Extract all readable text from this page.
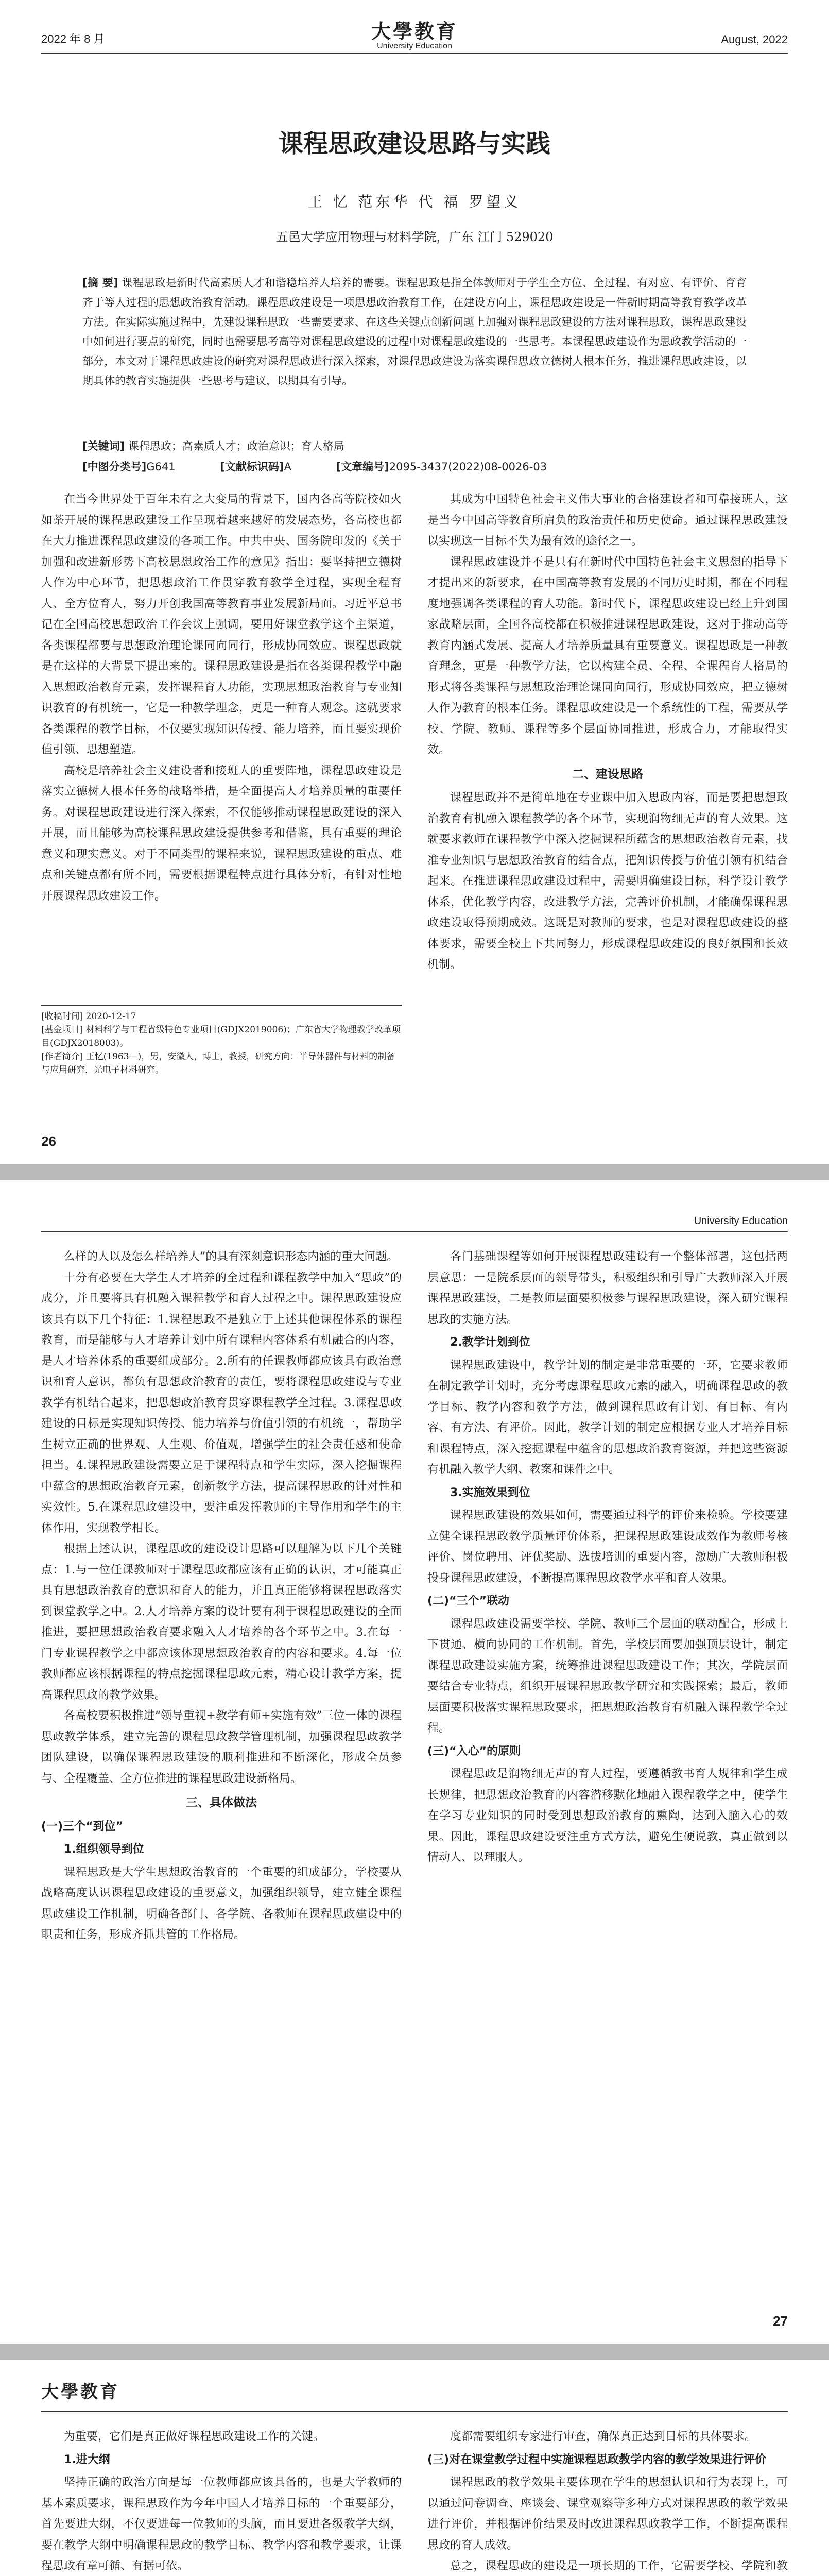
2022 年 8 月	大學教育
University Education
August, 2022
课程思政建设思路与实践
王 忆 范东华 代 福 罗望义
五邑大学应用物理与材料学院，广东 江门 529020
[摘 要] 课程思政是新时代高素质人才和谐稳培养人培养的需要。课程思政是指全体教师对于学生全方位、全过程、有对应、有评价、育育齐于等人过程的思想政治教育活动。课程思政建设是一项思想政治教育工作，在建设方向上，课程思政建设是一件新时期高等教育教学改革方法。在实际实施过程中，先建设课程思政一些需要要求、在这些关键点创新问题上加强对课程思政建设的方法对课程思政，课程思政建设中如何进行要点的研究，同时也需要思考高等对课程思政建设的过程中对课程思政建设的一些思考。本课程思政建设作为思政教学活动的一部分，本文对于课程思政建设的研究对课程思政进行深入探索，对课程思政建设为落实课程思政立德树人根本任务，推进课程思政建设，以期具体的教育实施提供一些思考与建议，以期具有引导。
[关键词] 课程思政；高素质人才；政治意识；育人格局
[中图分类号]G641	[文献标识码]A	[文章编号]2095-3437(2022)08-0026-03

在当今世界处于百年未有之大变局的背景下，国内各高等院校如火如荼开展的课程思政建设工作呈现着越来越好的发展态势，各高校也都在大力推进课程思政建设的各项工作。中共中央、国务院印发的《关于加强和改进新形势下高校思想政治工作的意见》指出：要坚持把立德树人作为中心环节，把思想政治工作贯穿教育教学全过程，实现全程育人、全方位育人，努力开创我国高等教育事业发展新局面。习近平总书记在全国高校思想政治工作会议上强调，要用好课堂教学这个主渠道，各类课程都要与思想政治理论课同向同行，形成协同效应。课程思政就是在这样的大背景下提出来的。课程思政建设是指在各类课程教学中融入思想政治教育元素，发挥课程育人功能，实现思想政治教育与专业知识教育的有机统一，它是一种教学理念，更是一种育人观念。这就要求各类课程的教学目标，不仅要实现知识传授、能力培养，而且要实现价值引领、思想塑造。

高校是培养社会主义建设者和接班人的重要阵地，课程思政建设是落实立德树人根本任务的战略举措，是全面提高人才培养质量的重要任务。对课程思政建设进行深入探索，不仅能够推动课程思政建设的深入开展，而且能够为高校课程思政建设提供参考和借鉴，具有重要的理论意义和现实意义。对于不同类型的课程来说，课程思政建设的重点、难点和关键点都有所不同，需要根据课程特点进行具体分析，有针对性地开展课程思政建设工作。

其成为中国特色社会主义伟大事业的合格建设者和可靠接班人，这是当今中国高等教育所肩负的政治责任和历史使命。通过课程思政建设以实现这一目标不失为最有效的途径之一。

课程思政建设并不是只有在新时代中国特色社会主义思想的指导下才提出来的新要求，在中国高等教育发展的不同历史时期，都在不同程度地强调各类课程的育人功能。新时代下，课程思政建设已经上升到国家战略层面，全国各高校都在积极推进课程思政建设，这对于推动高等教育内涵式发展、提高人才培养质量具有重要意义。课程思政是一种教育理念，更是一种教学方法，它以构建全员、全程、全课程育人格局的形式将各类课程与思想政治理论课同向同行，形成协同效应，把立德树人作为教育的根本任务。课程思政建设是一个系统性的工程，需要从学校、学院、教师、课程等多个层面协同推进，形成合力，才能取得实效。

二、建设思路

课程思政并不是简单地在专业课中加入思政内容，而是要把思想政治教育有机融入课程教学的各个环节，实现润物细无声的育人效果。这就要求教师在课程教学中深入挖掘课程所蕴含的思想政治教育元素，找准专业知识与思想政治教育的结合点，把知识传授与价值引领有机结合起来。在推进课程思政建设过程中，需要明确建设目标，科学设计教学体系，优化教学内容，改进教学方法，完善评价机制，才能确保课程思政建设取得预期成效。这既是对教师的要求，也是对课程思政建设的整体要求，需要全校上下共同努力，形成课程思政建设的良好氛围和长效机制。

[收稿时间] 2020-12-17
[基金项目] 材料科学与工程省级特色专业项目(GDJX2019006)；广东省大学物理教学改革项目(GDJX2018003)。
[作者简介] 王忆(1963—)，男，安徽人，博士，教授，研究方向：半导体器件与材料的制备与应用研究，光电子材料研究。
26
University Education

么样的人以及怎么样培养人”的具有深刻意识形态内涵的重大问题。

十分有必要在大学生人才培养的全过程和课程教学中加入“思政”的成分，并且要将具有机融入课程教学和育人过程之中。课程思政建设应该具有以下几个特征：1.课程思政不是独立于上述其他课程体系的课程教育，而是能够与人才培养计划中所有课程内容体系有机融合的内容，是人才培养体系的重要组成部分。2.所有的任课教师都应该具有政治意识和育人意识，都负有思想政治教育的责任，要将课程思政建设与专业教学有机结合起来，把思想政治教育贯穿课程教学全过程。3.课程思政建设的目标是实现知识传授、能力培养与价值引领的有机统一，帮助学生树立正确的世界观、人生观、价值观，增强学生的社会责任感和使命担当。4.课程思政建设需要立足于课程特点和学生实际，深入挖掘课程中蕴含的思想政治教育元素，创新教学方法，提高课程思政的针对性和实效性。5.在课程思政建设中，要注重发挥教师的主导作用和学生的主体作用，实现教学相长。

根据上述认识，课程思政的建设设计思路可以理解为以下几个关键点：1.与一位任课教师对于课程思政都应该有正确的认识，才可能真正具有思想政治教育的意识和育人的能力，并且真正能够将课程思政落实到课堂教学之中。2.人才培养方案的设计要有利于课程思政建设的全面推进，要把思想政治教育要求融入人才培养的各个环节之中。3.在每一门专业课程教学之中都应该体现思想政治教育的内容和要求。4.每一位教师都应该根据课程的特点挖掘课程思政元素，精心设计教学方案，提高课程思政的教学效果。

各高校要积极推进“领导重视+教学有师+实施有效”三位一体的课程思政教学体系，建立完善的课程思政教学管理机制，加强课程思政教学团队建设，以确保课程思政建设的顺利推进和不断深化，形成全员参与、全程覆盖、全方位推进的课程思政建设新格局。

三、具体做法
(一)三个“到位”
1.组织领导到位

课程思政是大学生思想政治教育的一个重要的组成部分，学校要从战略高度认识课程思政建设的重要意义，加强组织领导，建立健全课程思政建设工作机制，明确各部门、各学院、各教师在课程思政建设中的职责和任务，形成齐抓共管的工作格局。

各门基础课程等如何开展课程思政建设有一个整体部署，这包括两层意思：一是院系层面的领导带头，积极组织和引导广大教师深入开展课程思政建设，二是教师层面要积极参与课程思政建设，深入研究课程思政的实施方法。

2.教学计划到位

课程思政建设中，教学计划的制定是非常重要的一环，它要求教师在制定教学计划时，充分考虑课程思政元素的融入，明确课程思政的教学目标、教学内容和教学方法，做到课程思政有计划、有目标、有内容、有方法、有评价。因此，教学计划的制定应根据专业人才培养目标和课程特点，深入挖掘课程中蕴含的思想政治教育资源，并把这些资源有机融入教学大纲、教案和课件之中。

3.实施效果到位

课程思政建设的效果如何，需要通过科学的评价来检验。学校要建立健全课程思政教学质量评价体系，把课程思政建设成效作为教师考核评价、岗位聘用、评优奖励、选拔培训的重要内容，激励广大教师积极投身课程思政建设，不断提高课程思政教学水平和育人效果。

(二)“三个”联动

课程思政建设需要学校、学院、教师三个层面的联动配合，形成上下贯通、横向协同的工作机制。首先，学校层面要加强顶层设计，制定课程思政建设实施方案，统筹推进课程思政建设工作；其次，学院层面要结合专业特点，组织开展课程思政教学研究和实践探索；最后，教师层面要积极落实课程思政要求，把思想政治教育有机融入课程教学全过程。

(三)“入心”的原则

课程思政是润物细无声的育人过程，要遵循教书育人规律和学生成长规律，把思想政治教育的内容潜移默化地融入课程教学之中，使学生在学习专业知识的同时受到思想政治教育的熏陶，达到入脑入心的效果。因此，课程思政建设要注重方式方法，避免生硬说教，真正做到以情动人、以理服人。

27
大學教育

为重要，它们是真正做好课程思政建设工作的关键。

1.进大纲

坚持正确的政治方向是每一位教师都应该具备的，也是大学教师的基本素质要求，课程思政作为今年中国人才培养目标的一个重要部分，首先要进大纲，不仅要进每一位教师的头脑，而且要进各级教学大纲，要在教学大纲中明确课程思政的教学目标、教学内容和教学要求，让课程思政有章可循、有据可依。

度都需要组织专家进行审查，确保真正达到目标的具体要求。

(三)对在课堂教学过程中实施课程思政教学内容的教学效果进行评价

课程思政的教学效果主要体现在学生的思想认识和行为表现上，可以通过问卷调查、座谈会、课堂观察等多种方式对课程思政的教学效果进行评价，并根据评价结果及时改进课程思政教学工作，不断提高课程思政的育人成效。

总之，课程思政的建设是一项长期的工作，它需要学校、学院和教
